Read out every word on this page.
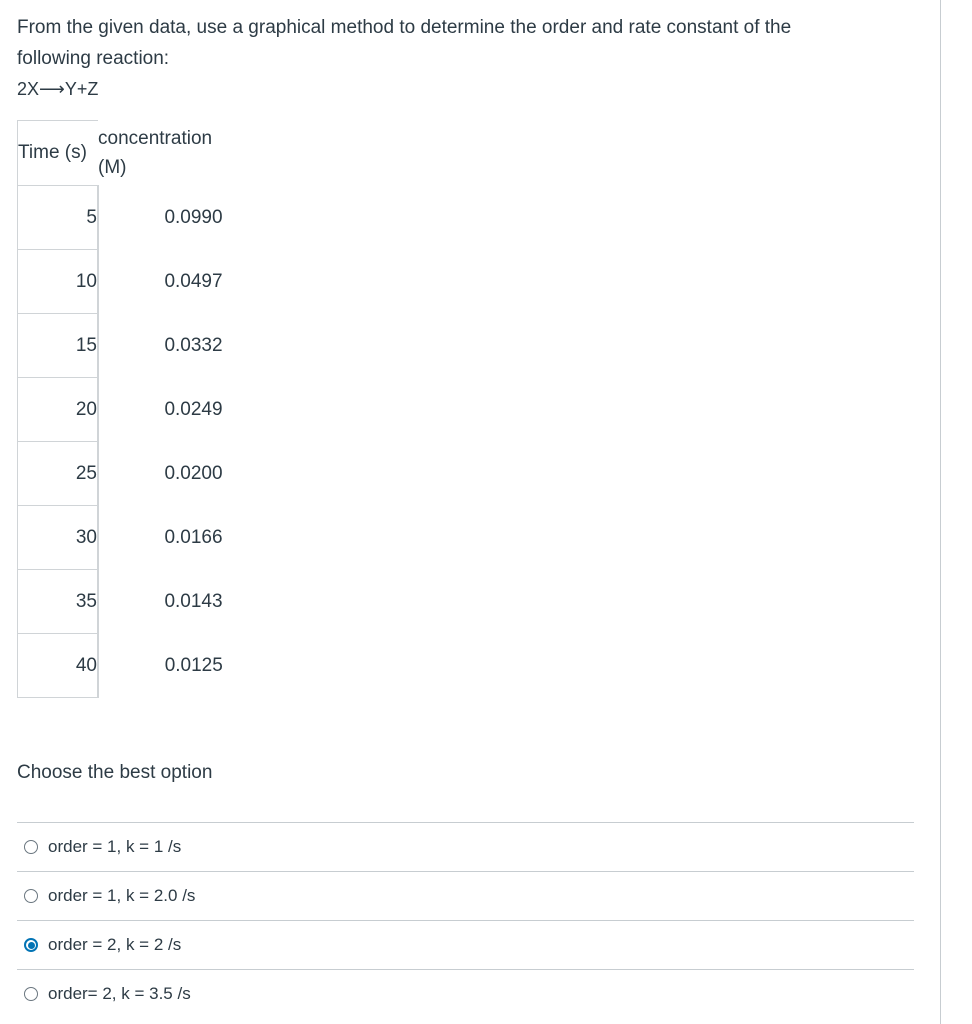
From the given data, use a graphical method to determine the order and rate constant of the

following reaction:

2X⟶Y+Z

Time (s)	concentration
(M)
5	0.0990
10	0.0497
15	0.0332
20	0.0249
25	0.0200
30	0.0166
35	0.0143
40	0.0125
Choose the best option
order = 1, k = 1 /s
order = 1, k = 2.0 /s
order = 2, k = 2 /s
order= 2, k = 3.5 /s
